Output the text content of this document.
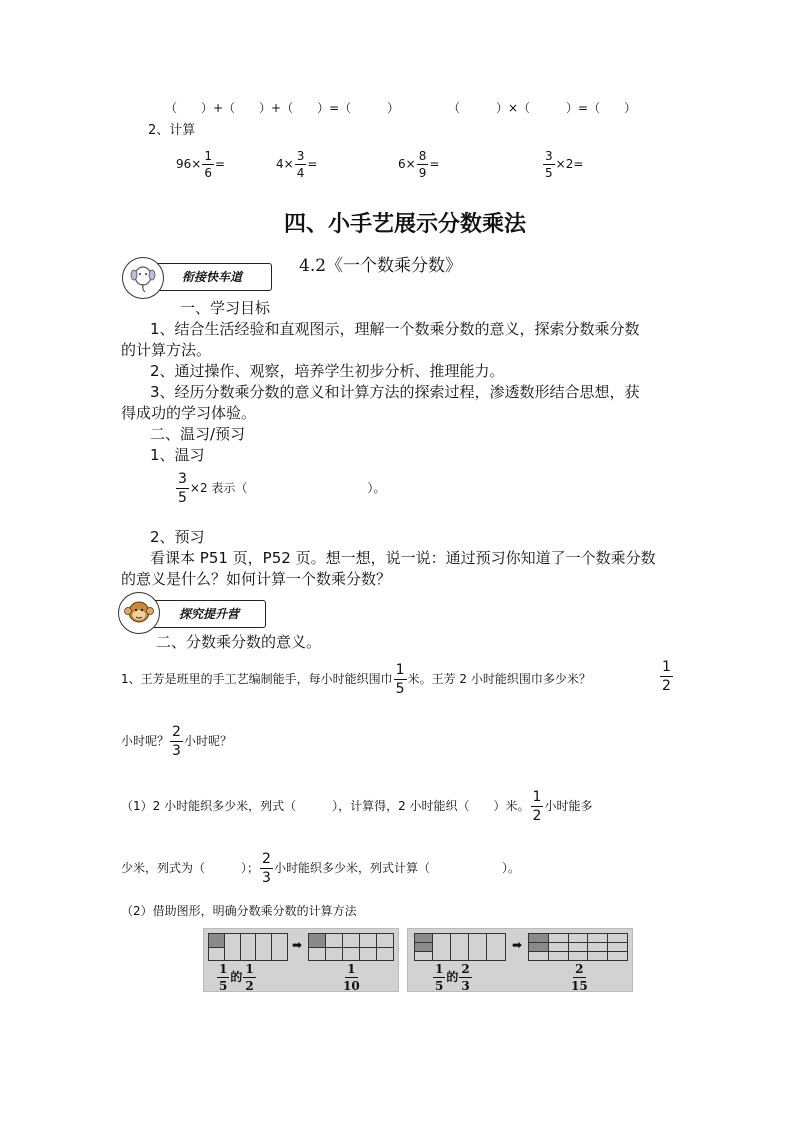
（　　）+（　　）+（　　）=（　　　）	（　　　）×（　　　）=（　　）
2、计算
$96\times \frac{1}{6}$ =	$4\times \frac{3}{4}$ =	$6\times \frac{8}{9}$ =	$\frac{3}{5} \times 2=$
四、小手艺展示分数乘法
4.2《一个数乘分数》
衔接快车道
一、学习目标
1、结合生活经验和直观图示，理解一个数乘分数的意义，探索分数乘分数
的计算方法。
2、通过操作、观察，培养学生初步分析、推理能力。
3、经历分数乘分数的意义和计算方法的探索过程，渗透数形结合思想，获
得成功的学习体验。
二、温习/预习
1、温习
$\frac{3}{5} \times 2$ 表示（　　　　　　　　　　）。
2、预习
看课本 P51 页，P52 页。想一想，说一说：通过预习你知道了一个数乘分数
的意义是什么？如何计算一个数乘分数？
探究提升营
二、分数乘分数的意义。
1、王芳是班里的手工艺编制能手，每小时能织围巾 $\frac{1}{5}$ 米。王芳 2 小时能织围巾多少米？	$\frac{1}{2}$
小时呢？ $\frac{2}{3}$ 小时呢？
（1）2 小时能织多少米，列式（　　　），计算得，2 小时能织（　　）米。 $\frac{1}{2}$ 小时能多
少米，列式为（　　　）； $\frac{2}{3}$ 小时能织多少米，列式计算（　　　　　　）。
（2）借助图形，明确分数乘分数的计算方法
➡
$\frac{1}{5}$ 的 $\frac{1}{2}$	$\frac{1}{10}$
➡
$\frac{1}{5}$ 的 $\frac{2}{3}$	$\frac{2}{15}$
